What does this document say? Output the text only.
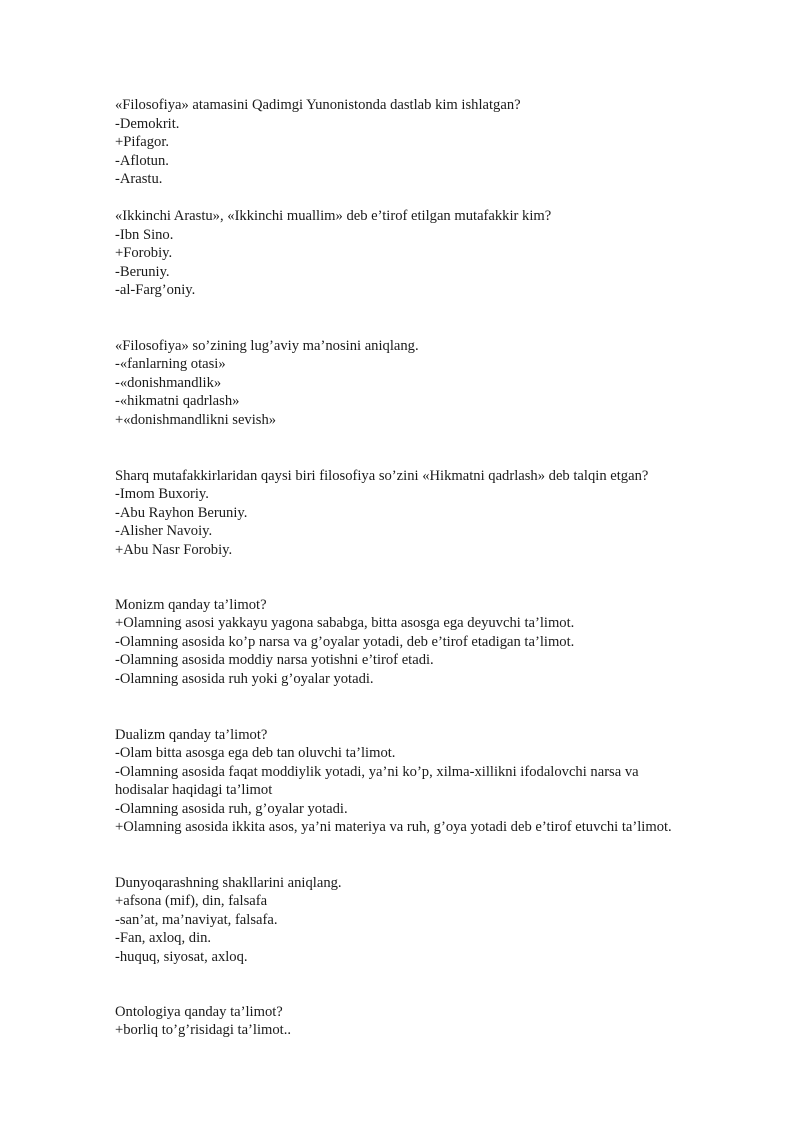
«Filosofiya» atamasini Qadimgi Yunonistonda dastlab kim ishlatgan?
-Demokrit.
+Pifagor.
-Aflotun.
-Arastu.
«Ikkinchi Arastu», «Ikkinchi muallim» deb e’tirof etilgan mutafakkir kim?
-Ibn Sino.
+Forobiy.
-Beruniy.
-al-Farg’oniy.
«Filosofiya» so’zining lug’aviy ma’nosini aniqlang.
-«fanlarning otasi»
-«donishmandlik»
-«hikmatni qadrlash»
+«donishmandlikni sevish»
Sharq mutafakkirlaridan qaysi biri filosofiya so’zini «Hikmatni qadrlash» deb talqin etgan?
-Imom Buxoriy.
-Abu Rayhon Beruniy.
-Alisher Navoiy.
+Abu Nasr Forobiy.
Monizm qanday ta’limot?
+Olamning asosi yakkayu yagona sababga, bitta asosga ega deyuvchi ta’limot.
-Olamning asosida ko’p narsa va g’oyalar yotadi, deb e’tirof etadigan ta’limot.
-Olamning asosida moddiy narsa yotishni e’tirof etadi.
-Olamning asosida ruh yoki g’oyalar yotadi.
Dualizm qanday ta’limot?
-Olam bitta asosga ega deb tan oluvchi ta’limot.
-Olamning asosida faqat moddiylik yotadi, ya’ni ko’p, xilma-xillikni ifodalovchi narsa va
hodisalar haqidagi ta’limot
-Olamning asosida ruh, g’oyalar yotadi.
+Olamning asosida ikkita asos, ya’ni materiya va ruh, g’oya yotadi deb e’tirof etuvchi ta’limot.
Dunyoqarashning shakllarini aniqlang.
+afsona (mif), din, falsafa
-san’at, ma’naviyat, falsafa.
-Fan, axloq, din.
-huquq, siyosat, axloq.
Ontologiya qanday ta’limot?
+borliq to’g’risidagi ta’limot..
